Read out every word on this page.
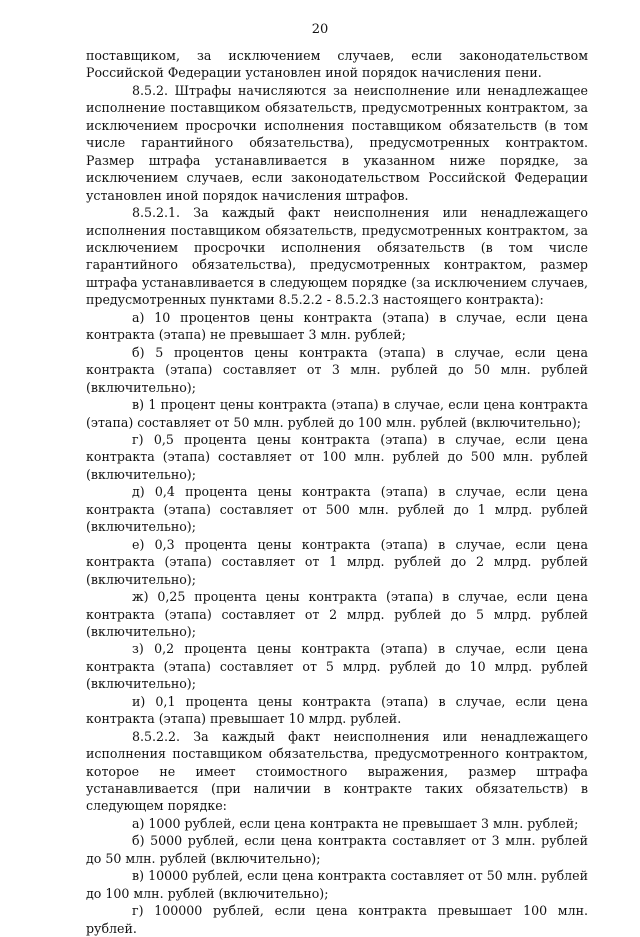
20

поставщиком, за исключением случаев, если законодательством Российской Федерации установлен иной порядок начисления пени.

8.5.2. Штрафы начисляются за неисполнение или ненадлежащее исполнение поставщиком обязательств, предусмотренных контрактом, за исключением просрочки исполнения поставщиком обязательств (в том числе гарантийного обязательства), предусмотренных контрактом. Размер штрафа устанавливается в указанном ниже порядке, за исключением случаев, если законодательством Российской Федерации установлен иной порядок начисления штрафов.

8.5.2.1. За каждый факт неисполнения или ненадлежащего исполнения поставщиком обязательств, предусмотренных контрактом, за исключением просрочки исполнения обязательств (в том числе гарантийного обязательства), предусмотренных контрактом, размер штрафа устанавливается в следующем порядке (за исключением случаев, предусмотренных пунктами 8.5.2.2 - 8.5.2.3 настоящего контракта):

а) 10 процентов цены контракта (этапа) в случае, если цена контракта (этапа) не превышает 3 млн. рублей;

б) 5 процентов цены контракта (этапа) в случае, если цена контракта (этапа) составляет от 3 млн. рублей до 50 млн. рублей (включительно);

в) 1 процент цены контракта (этапа) в случае, если цена контракта (этапа) составляет от 50 млн. рублей до 100 млн. рублей (включительно);

г) 0,5 процента цены контракта (этапа) в случае, если цена контракта (этапа) составляет от 100 млн. рублей до 500 млн. рублей (включительно);

д) 0,4 процента цены контракта (этапа) в случае, если цена контракта (этапа) составляет от 500 млн. рублей до 1 млрд. рублей (включительно);

е) 0,3 процента цены контракта (этапа) в случае, если цена контракта (этапа) составляет от 1 млрд. рублей до 2 млрд. рублей (включительно);

ж) 0,25 процента цены контракта (этапа) в случае, если цена контракта (этапа) составляет от 2 млрд. рублей до 5 млрд. рублей (включительно);

з) 0,2 процента цены контракта (этапа) в случае, если цена контракта (этапа) составляет от 5 млрд. рублей до 10 млрд. рублей (включительно);

и) 0,1 процента цены контракта (этапа) в случае, если цена контракта (этапа) превышает 10 млрд. рублей.

8.5.2.2. За каждый факт неисполнения или ненадлежащего исполнения поставщиком обязательства, предусмотренного контрактом, которое не имеет стоимостного выражения, размер штрафа устанавливается (при наличии в контракте таких обязательств) в следующем порядке:

а) 1000 рублей, если цена контракта не превышает 3 млн. рублей;

б) 5000 рублей, если цена контракта составляет от 3 млн. рублей до 50 млн. рублей (включительно);

в) 10000 рублей, если цена контракта составляет от 50 млн. рублей до 100 млн. рублей (включительно);

г) 100000 рублей, если цена контракта превышает 100 млн. рублей.
